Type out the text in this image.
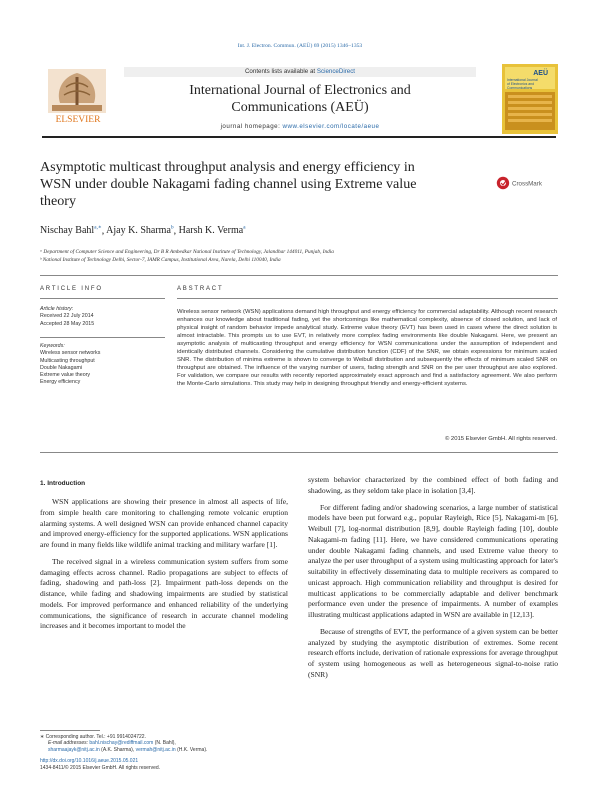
Int. J. Electron. Commun. (AEÜ) 69 (2015) 1346–1353
ELSEVIER
Contents lists available at ScienceDirect
International Journal of Electronics and
Communications (AEÜ)
journal homepage: www.elsevier.com/locate/aeue
AEÜ
International Journal
of Electronics and
Communications
Asymptotic multicast throughput analysis and energy efficiency in
WSN under double Nakagami fading channel using Extreme value
theory
CrossMark
Nischay Bahl$^{a,∗}$, Ajay K. Sharma$^b$, Harsh K. Verma$^a$
ᵃ Department of Computer Science and Engineering, Dr B R Ambedkar National Institute of Technology, Jalandhar 144011, Punjab, India
ᵇ National Institute of Technology Delhi, Sector-7, IAMR Campus, Institutional Area, Narela, Delhi 110040, India
ARTICLE INFO
Article history:
Received 22 July 2014
Accepted 28 May 2015
Keywords:
Wireless sensor networks
Multicasting throughput
Double Nakagami
Extreme value theory
Energy efficiency
ABSTRACT
Wireless sensor network (WSN) applications demand high throughput and energy efficiency for commercial adaptability. Although recent research enhances our knowledge about traditional fading, yet the shortcomings like mathematical complexity, absence of closed solution, and lack of physical insight of random behavior impede analytical study. Extreme value theory (EVT) has been used in cases where the direct solution is almost intractable. This prompts us to use EVT, in relatively more complex fading environments like double Nakagami. Here, we present an asymptotic analysis of multicasting throughput and energy efficiency for WSN communications under the assumption of independent and identically distributed channels. Considering the cumulative distribution function (CDF) of the SNR, we obtain expressions for minimum scaled SNR. The distribution of minima extreme is shown to converge to Weibull distribution and subsequently the effects of minimum scaled SNR on throughput are obtained. The influence of the varying number of users, fading strength and SNR on the per user throughput are also explored. For validation, we compare our results with recently reported approximately exact approach and find a satisfactory agreement. We also perform the Monte-Carlo simulations. This study may help in designing throughput friendly and energy-efficient systems.
© 2015 Elsevier GmbH. All rights reserved.
1. Introduction

WSN applications are showing their presence in almost all aspects of life, from simple health care monitoring to challenging remote volcanic eruption alarming systems. A well designed WSN can provide enhanced channel capacity and improved energy-efficiency for the supported applications. WSN applications are found in many fields like wildlife animal tracking and military warfare [1].

The received signal in a wireless communication system suffers from some damaging effects across channel. Radio propagations are subject to effects of fading, shadowing and path-loss [2]. Impairment path-loss depends on the distance, while fading and shadowing impairments are studied by statistical models. For improved performance and enhanced reliability of the underlying communications, the significance of research in accurate channel modeling increases and it becomes important to model the

system behavior characterized by the combined effect of both fading and shadowing, as they seldom take place in isolation [3,4].

For different fading and/or shadowing scenarios, a large number of statistical models have been put forward e.g., popular Rayleigh, Rice [5], Nakagami-m [6], Weibull [7], log-normal distribution [8,9], double Rayleigh fading [10], double Nakagami-m fading [11]. Here, we have considered communications operating under double Nakagami fading channels, and used Extreme value theory to analyze the per user throughput of a system using multicasting approach for later's suitability in effectively disseminating data to multiple receivers as compared to unicast approach. High communication reliability and throughput is desired for multicast applications to be commercially adaptable and deliver benchmark performance even under the presence of impairments. A number of examples illustrating multicast applications adapted in WSN are available in [12,13].

Because of strengths of EVT, the performance of a given system can be better analyzed by studying the asymptotic distribution of extremes. Some recent research efforts include, derivation of rationale expressions for average throughput of system using homogeneous as well as heterogeneous signal-to-noise ratio (SNR)

∗ Corresponding author. Tel.: +91 9914024722.
E-mail addresses: bahl.nischay@rediffmail.com (N. Bahl),
sharmaajayk@nitj.ac.in (A.K. Sharma), vermah@nitj.ac.in (H.K. Verma).
http://dx.doi.org/10.1016/j.aeue.2015.05.021
1434-8411/© 2015 Elsevier GmbH. All rights reserved.
